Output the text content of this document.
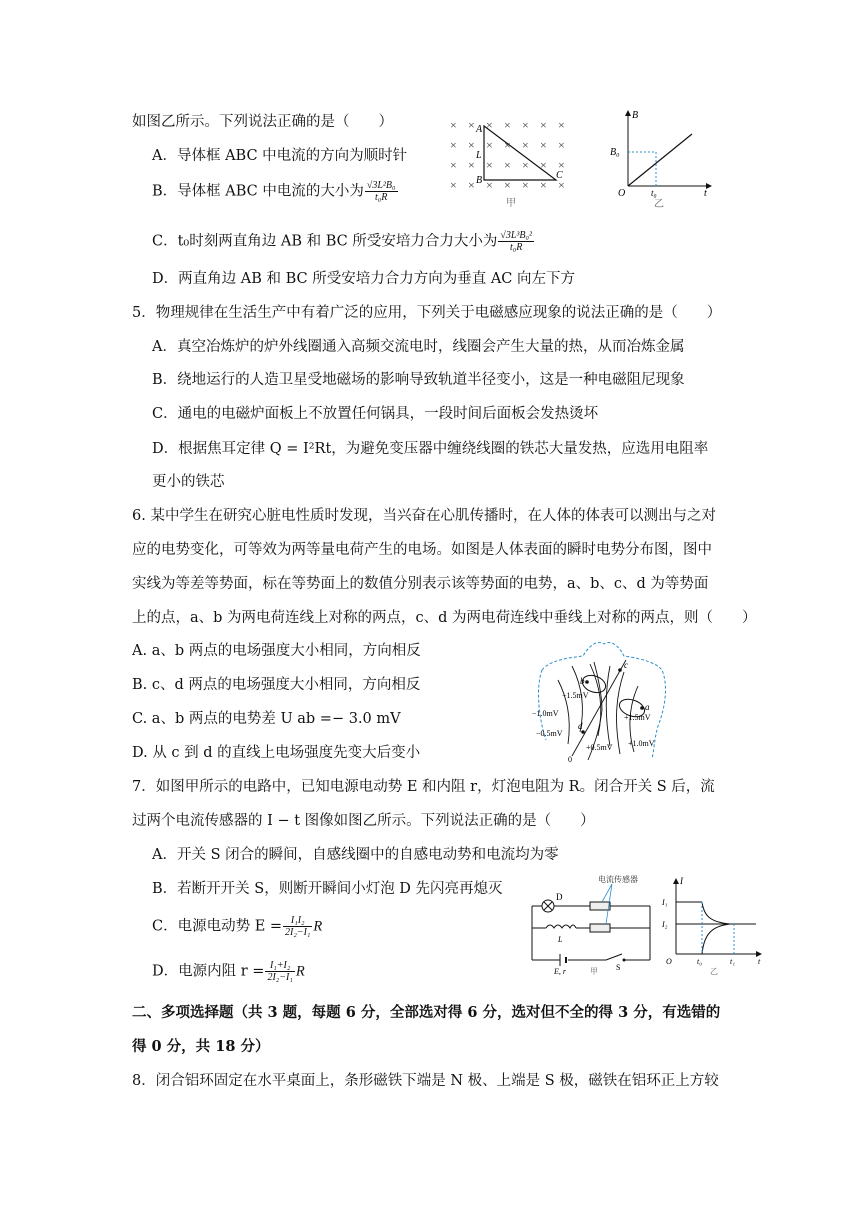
如图乙所示。下列说法正确的是（　　）
A．导体框 ABC 中电流的方向为顺时针
B．导体框 ABC 中电流的大小为 $\frac{\text{√3L²B₀}}{\text{t₀R}}$
C．t₀时刻两直角边 AB 和 BC 所受安培力合力大小为 $\frac{\text{√3L³B₀²}}{\text{t₀R}}$
D．两直角边 AB 和 BC 所受安培力合力方向为垂直 AC 向左下方
× × × × × × ×
× × × × × × ×
× × × × × × ×
× × × × × × ×
A
L
B	C
甲
B
B₀
O	t₀	t
乙
5．物理规律在生活生产中有着广泛的应用，下列关于电磁感应现象的说法正确的是（　　）
A．真空冶炼炉的炉外线圈通入高频交流电时，线圈会产生大量的热，从而冶炼金属
B．绕地运行的人造卫星受地磁场的影响导致轨道半径变小，这是一种电磁阻尼现象
C．通电的电磁炉面板上不放置任何锅具，一段时间后面板会发热烫坏
D．根据焦耳定律 Q = I²Rt，为避免变压器中缠绕线圈的铁芯大量发热，应选用电阻率
更小的铁芯
6. 某中学生在研究心脏电性质时发现，当兴奋在心肌传播时，在人体的体表可以测出与之对
应的电势变化，可等效为两等量电荷产生的电场。如图是人体表面的瞬时电势分布图，图中
实线为等差等势面，标在等势面上的数值分别表示该等势面的电势，a、b、c、d 为等势面
上的点，a、b 为两电荷连线上对称的两点，c、d 为两电荷连线中垂线上对称的两点，则（　　）
A. a、b 两点的电场强度大小相同，方向相反
B. c、d 两点的电场强度大小相同，方向相反
C. a、b 两点的电势差 U ab =− 3.0 mV
D. 从 c 到 d 的直线上电场强度先变大后变小
c
b
a
d
−1.5mV
−1.0mV
−0.5mV
+1.5mV
+1.0mV
+0.5mV
0
7．如图甲所示的电路中，已知电源电动势 E 和内阻 r，灯泡电阻为 R。闭合开关 S 后，流
过两个电流传感器的 I − t 图像如图乙所示。下列说法正确的是（　　）
A．开关 S 闭合的瞬间，自感线圈中的自感电动势和电流均为零
B．若断开开关 S，则断开瞬间小灯泡 D 先闪亮再熄灭
C．电源电动势 $E = \frac{\text{I₁I₂}}{\text{2I₂−I₁}}$ R
D．电源内阻 $r = \frac{\text{I₁+I₂}}{\text{2I₂−I₁}}$ R
D
电流传感器
L
E, r	S
甲
I
I₁
I₂
O	t₀	t₁	t
乙
二、多项选择题（共 3 题，每题 6 分，全部选对得 6 分，选对但不全的得 3 分，有选错的
得 0 分，共 18 分）
8．闭合铝环固定在水平桌面上，条形磁铁下端是 N 极、上端是 S 极，磁铁在铝环正上方较
